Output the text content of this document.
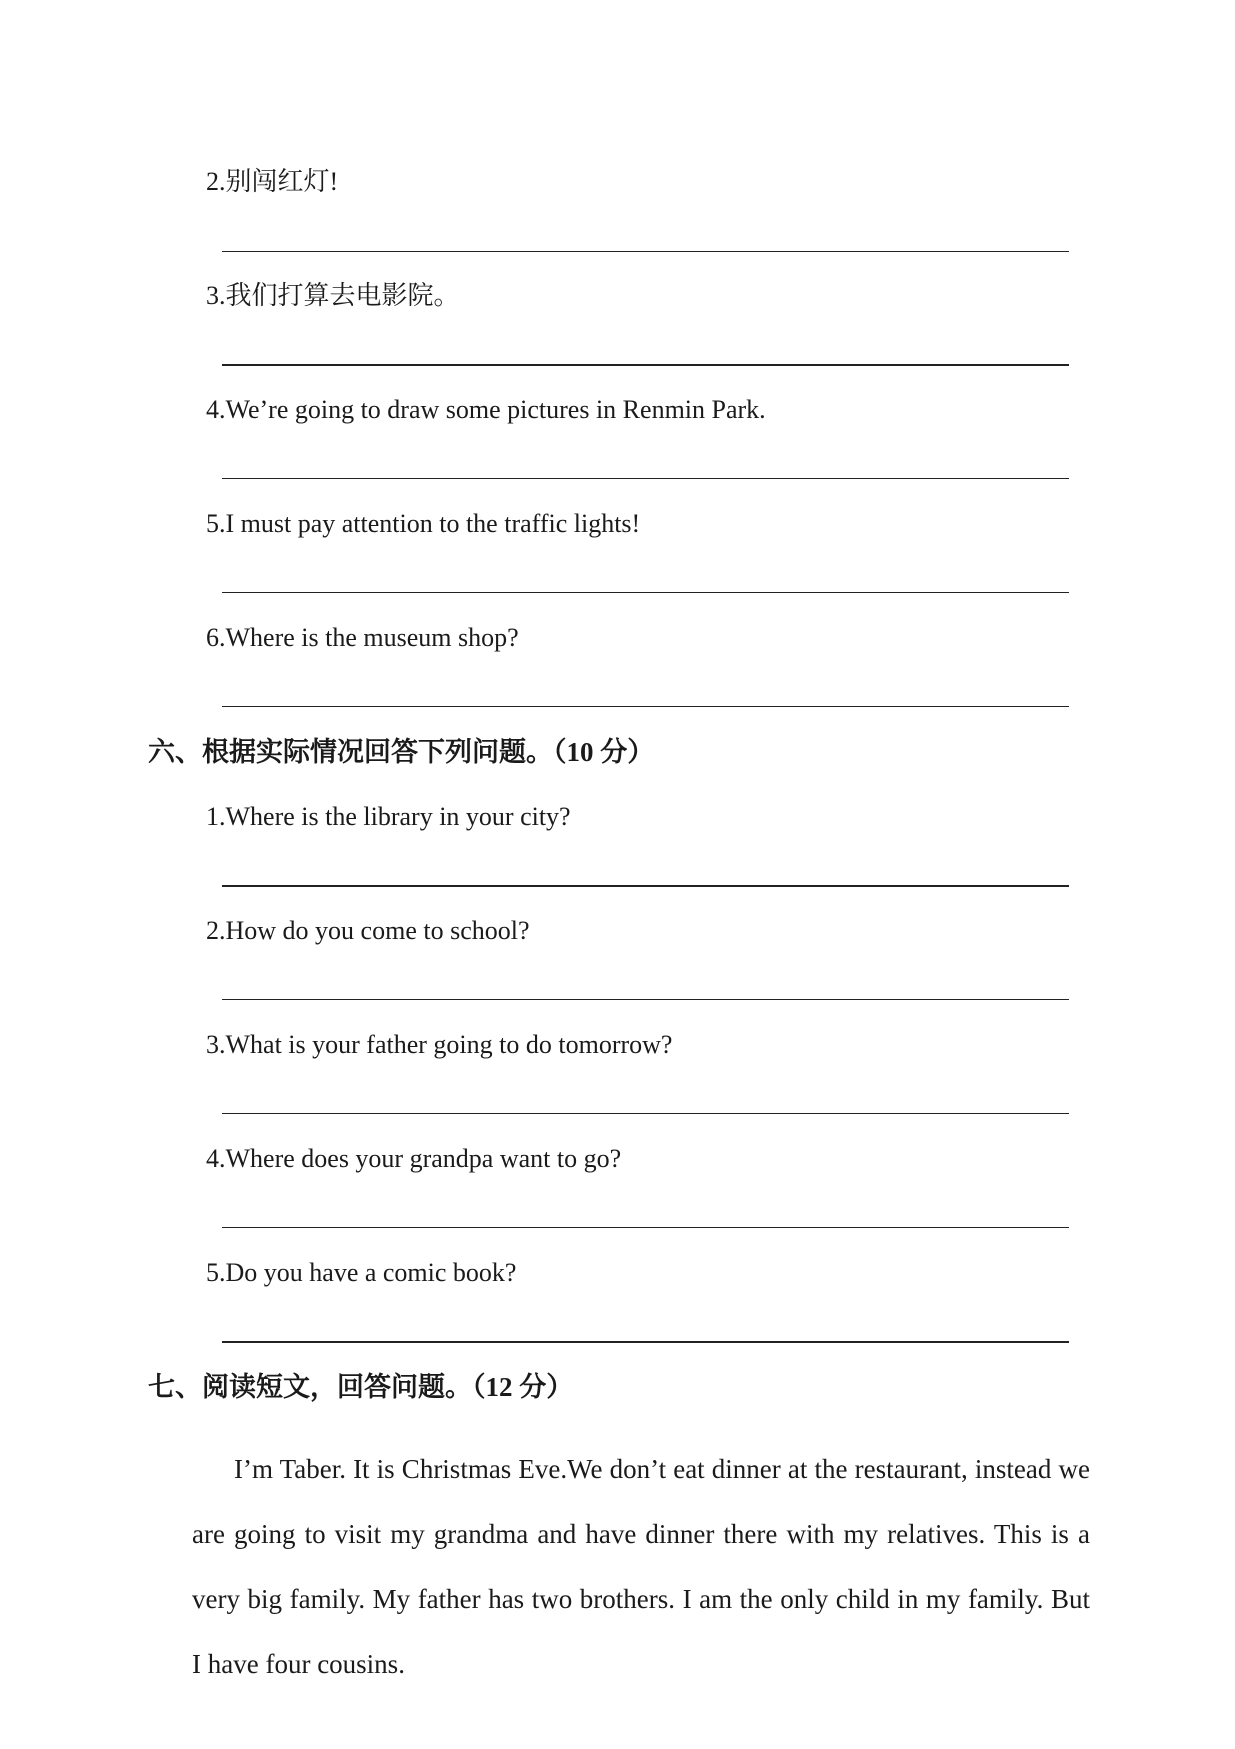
2.别闯红灯!
3.我们打算去电影院。
4.We’re going to draw some pictures in Renmin Park.
5.I must pay attention to the traffic lights!
6.Where is the museum shop?
六、根据实际情况回答下列问题。（10 分）
1.Where is the library in your city?
2.How do you come to school?
3.What is your father going to do tomorrow?
4.Where does your grandpa want to go?
5.Do you have a comic book?
七、阅读短文，回答问题。（12 分）

I’m Taber. It is Christmas Eve.We don’t eat dinner at the restaurant, instead we are going to visit my grandma and have dinner there with my relatives. This is a very big family. My father has two brothers. I am the only child in my family. But I have four cousins.
